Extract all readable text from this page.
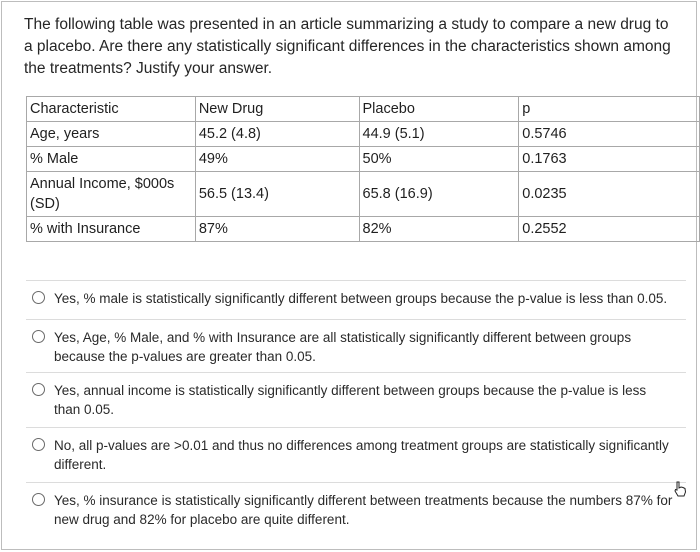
The following table was presented in an article summarizing a study to compare a new drug to a placebo. Are there any statistically significant differences in the characteristics shown among the treatments? Justify your answer.
Characteristic	New Drug	Placebo	p
Age, years	45.2 (4.8)	44.9 (5.1)	0.5746
% Male	49%	50%	0.1763
Annual Income, $000s (SD)	56.5 (13.4)	65.8 (16.9)	0.0235
% with Insurance	87%	82%	0.2552
Yes, % male is statistically significantly different between groups because the p-value is less than 0.05.
Yes, Age, % Male, and % with Insurance are all statistically significantly different between groups because the p-values are greater than 0.05.
Yes, annual income is statistically significantly different between groups because the p-value is less than 0.05.
No, all p-values are >0.01 and thus no differences among treatment groups are statistically significantly different.
Yes, % insurance is statistically significantly different between treatments because the numbers 87% for new drug and 82% for placebo are quite different.
